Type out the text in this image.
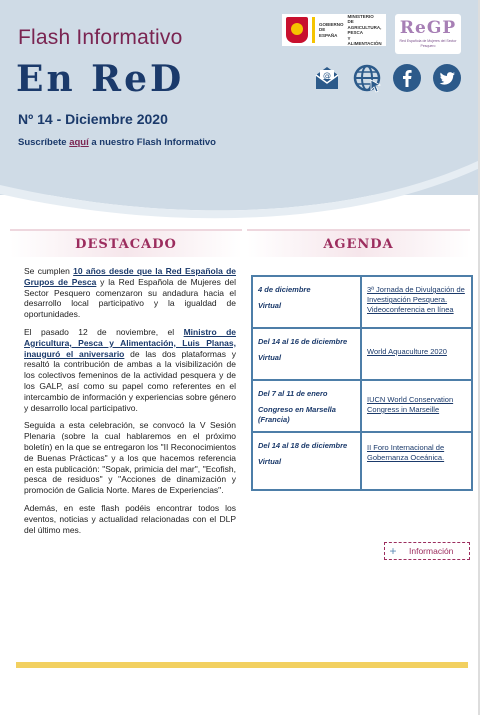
Flash Informativo
En ReD
Nº 14 - Diciembre 2020
Suscríbete aquí a nuestro Flash Informativo
GOBIERNO
DE ESPAÑA
MINISTERIO
DE AGRICULTURA, PESCA
Y ALIMENTACIÓN
ReGP
Red Española de Mujeres del Sector Pesquero
@
DESTACADO	AGENDA

Se cumplen 10 años desde que la Red Española de Grupos de Pesca y la Red Española de Mujeres del Sector Pesquero comenzaron su andadura hacia el desarrollo local participativo y la igualdad de oportunidades.

El pasado 12 de noviembre, el Ministro de Agricultura, Pesca y Alimentación, Luis Planas, inauguró el aniversario de las dos plataformas y resaltó la contribución de ambas a la visibilización de los colectivos femeninos de la actividad pesquera y de los GALP, así como su papel como referentes en el intercambio de información y experiencias sobre género y desarrollo local participativo.

Seguida a esta celebración, se convocó la V Sesión Plenaria (sobre la cual hablaremos en el próximo boletín) en la que se entregaron los "II Reconocimientos de Buenas Prácticas" y a los que hacemos referencia en esta publicación: "Sopak, primicia del mar", "Ecofish, pesca de residuos" y "Acciones de dinamización y promoción de Galicia Norte. Mares de Experiencias".

Además, en este flash podéis encontrar todos los eventos, noticias y actualidad relacionadas con el DLP del último mes.

4 de diciembre
Virtual
3ª Jornada de Divulgación de Investigación Pesquera. Videoconferencia en línea
Del 14 al 16 de diciembre
Virtual
World Aquaculture 2020
Del 7 al 11 de enero
Congreso en Marsella (Francia)
IUCN World Conservation Congress in Marseille
Del 14 al 18 de diciembre
Virtual
II Foro Internacional de Gobernanza Oceánica.
+	Información
